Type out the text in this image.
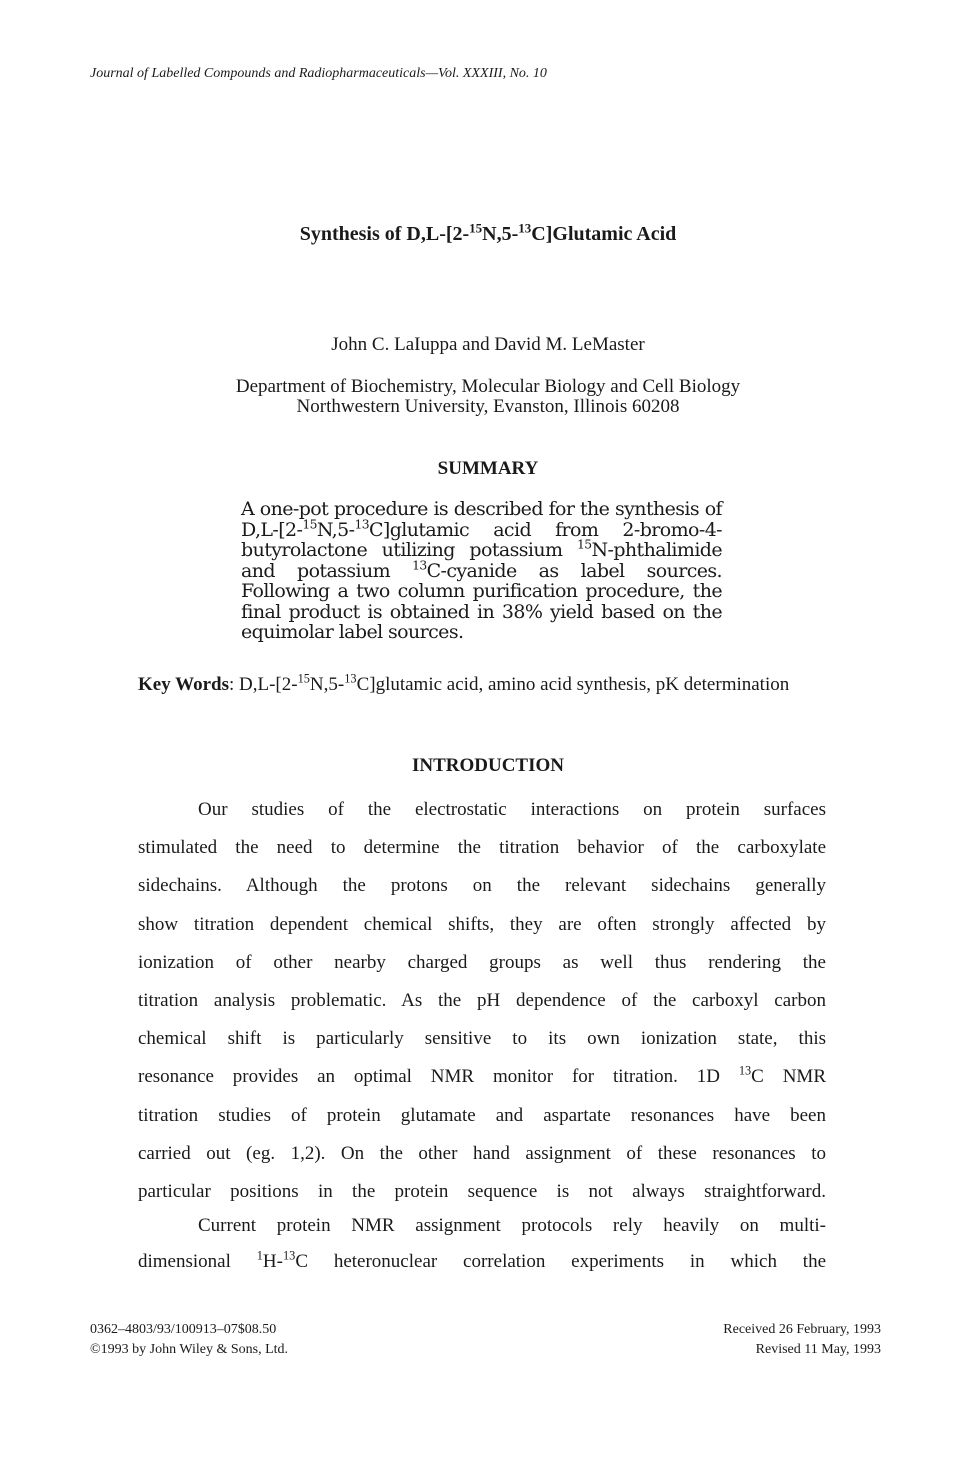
Journal of Labelled Compounds and Radiopharmaceuticals—Vol. XXXIII, No. 10
Synthesis of D,L-[2-$^{15}$N,5-$^{13}$C]Glutamic Acid
John C. LaIuppa and David M. LeMaster
Department of Biochemistry, Molecular Biology and Cell Biology
Northwestern University, Evanston, Illinois 60208
SUMMARY
A one-pot procedure is described for the synthesis of D,L-[2-$^{15}$N,5-$^{13}$C]glutamic acid from 2-bromo-4-butyrolactone utilizing potassium $^{15}$N-phthalimide and potassium $^{13}$C-cyanide as label sources. Following a two column purification procedure, the final product is obtained in 38% yield based on the equimolar label sources.
Key Words: D,L-[2-$^{15}$N,5-$^{13}$C]glutamic acid, amino acid synthesis, pK determination
INTRODUCTION
Our studies of the electrostatic interactions on protein surfaces
stimulated the need to determine the titration behavior of the carboxylate
sidechains. Although the protons on the relevant sidechains generally
show titration dependent chemical shifts, they are often strongly affected by
ionization of other nearby charged groups as well thus rendering the
titration analysis problematic. As the pH dependence of the carboxyl carbon
chemical shift is particularly sensitive to its own ionization state, this
resonance provides an optimal NMR monitor for titration. 1D $^{13}$C NMR
titration studies of protein glutamate and aspartate resonances have been
carried out (eg. 1,2). On the other hand assignment of these resonances to
particular positions in the protein sequence is not always straightforward.
Current protein NMR assignment protocols rely heavily on multi-
dimensional $^1$H-$^{13}$C heteronuclear correlation experiments in which the
0362–4803/93/100913–07$08.50
©1993 by John Wiley & Sons, Ltd.
Received 26 February, 1993
Revised 11 May, 1993
